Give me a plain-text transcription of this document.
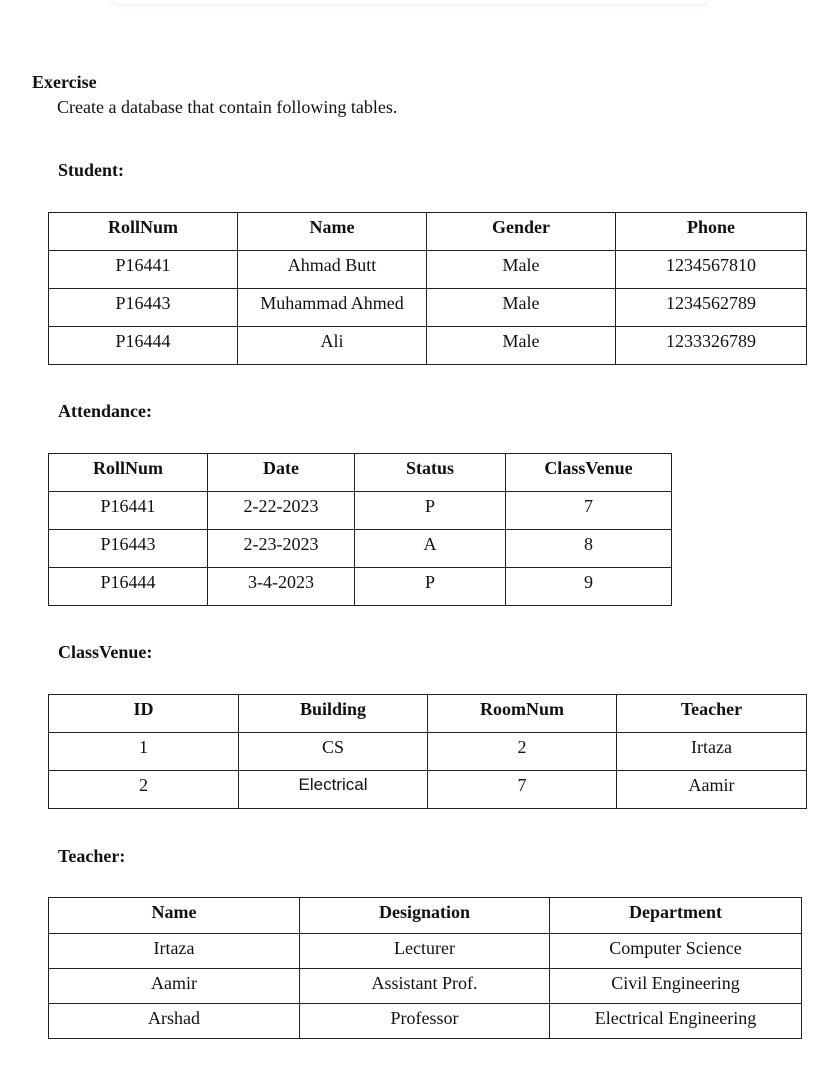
Exercise
Create a database that contain following tables.
Student:
RollNum	Name	Gender	Phone
P16441	Ahmad Butt	Male	1234567810
P16443	Muhammad Ahmed	Male	1234562789
P16444	Ali	Male	1233326789
Attendance:
RollNum	Date	Status	ClassVenue
P16441	2-22-2023	P	7
P16443	2-23-2023	A	8
P16444	3-4-2023	P	9
ClassVenue:
ID	Building	RoomNum	Teacher
1	CS	2	Irtaza
2	Electrical	7	Aamir
Teacher:
Name	Designation	Department
Irtaza	Lecturer	Computer Science
Aamir	Assistant Prof.	Civil Engineering
Arshad	Professor	Electrical Engineering
